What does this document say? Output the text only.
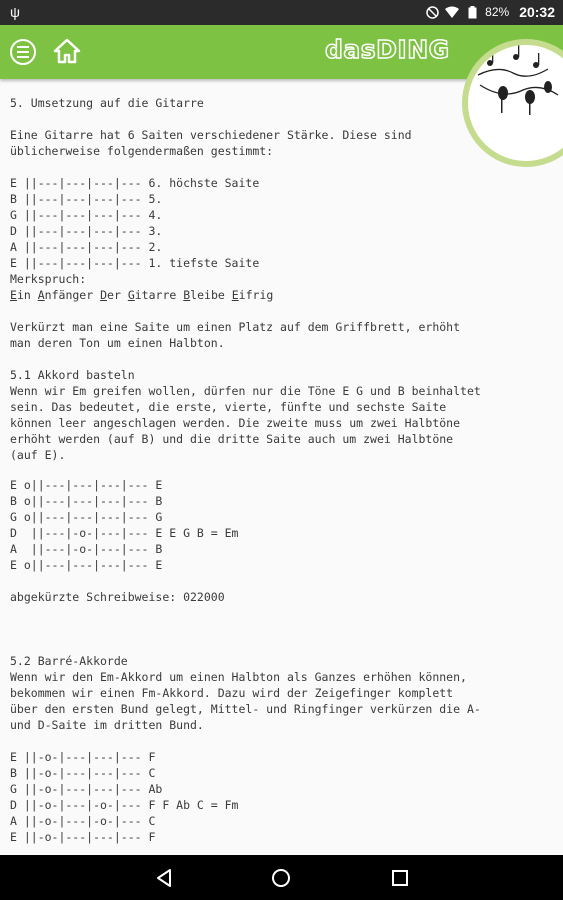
ψ	82% 20:32
dasDING
Ein Anfänger Der Gitarre Bleibe Eifrig
5. Umsetzung auf die Gitarre
Eine Gitarre hat 6 Saiten verschiedener Stärke. Diese sind
üblicherweise folgendermaßen gestimmt:
E ||---|---|---|--- 6. höchste Saite
B ||---|---|---|--- 5.
G ||---|---|---|--- 4.
D ||---|---|---|--- 3.
A ||---|---|---|--- 2.
E ||---|---|---|--- 1. tiefste Saite
Merkspruch:
Verkürzt man eine Saite um einen Platz auf dem Griffbrett, erhöht
man deren Ton um einen Halbton.
5.1 Akkord basteln
Wenn wir Em greifen wollen, dürfen nur die Töne E G und B beinhaltet
sein. Das bedeutet, die erste, vierte, fünfte und sechste Saite
können leer angeschlagen werden. Die zweite muss um zwei Halbtöne
erhöht werden (auf B) und die dritte Saite auch um zwei Halbtöne
(auf E).
E o||---|---|---|--- E
B o||---|---|---|--- B
G o||---|---|---|--- G
D  ||---|-o-|---|--- E E G B = Em
A  ||---|-o-|---|--- B
E o||---|---|---|--- E
abgekürzte Schreibweise: 022000
5.2 Barré-Akkorde
Wenn wir den Em-Akkord um einen Halbton als Ganzes erhöhen können,
bekommen wir einen Fm-Akkord. Dazu wird der Zeigefinger komplett
über den ersten Bund gelegt, Mittel- und Ringfinger verkürzen die A-
und D-Saite im dritten Bund.
E ||-o-|---|---|--- F
B ||-o-|---|---|--- C
G ||-o-|---|---|--- Ab
D ||-o-|---|-o-|--- F F Ab C = Fm
A ||-o-|---|-o-|--- C
E ||-o-|---|---|--- F
